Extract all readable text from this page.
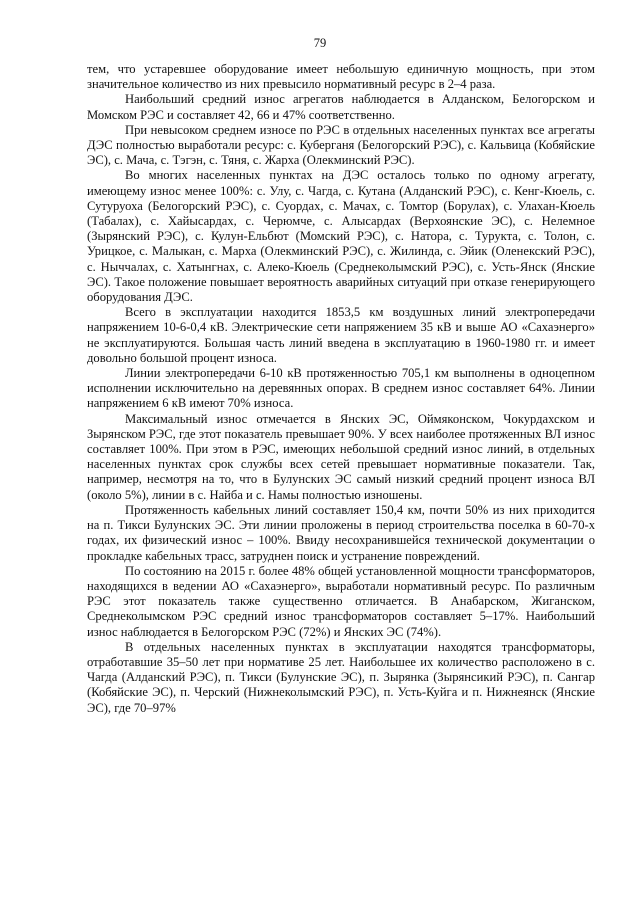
79

тем, что устаревшее оборудование имеет небольшую единичную мощность, при этом значительное количество из них превысило нормативный ресурс в 2–4 раза.

Наибольший средний износ агрегатов наблюдается в Алданском, Белогорском и Момском РЭС и составляет 42, 66 и 47% соответственно.

При невысоком среднем износе по РЭС в отдельных населенных пунктах все агрегаты ДЭС полностью выработали ресурс: с. Куберганя (Белогорский РЭС), с. Кальвица (Кобяйские ЭС), с. Мача, с. Тэгэн, с. Тяня, с. Жарха (Олекминский РЭС).

Во многих населенных пунктах на ДЭС осталось только по одному агрегату, имеющему износ менее 100%: с. Улу, с. Чагда, с. Кутана (Алданский РЭС), с. Кенг-Кюель, с. Сутуруоха (Белогорский РЭС), с. Суордах, с. Мачах, с. Томтор (Борулах), с. Улахан-Кюель (Табалах), с. Хайысардах, с. Черюмче, с. Алысардах (Верхоянские ЭС), с. Нелемное (Зырянский РЭС), с. Кулун-Ельбют (Момский РЭС), с. Натора, с. Турукта, с. Толон, с. Урицкое, с. Малыкан, с. Марха (Олекминский РЭС), с. Жилинда, с. Эйик (Оленекский РЭС), с. Ныччалах, с. Хатынгнах, с. Алеко-Кюель (Среднеколымский РЭС), с. Усть-Янск (Янские ЭС). Такое положение повышает вероятность аварийных ситуаций при отказе генерирующего оборудования ДЭС.

Всего в эксплуатации находится 1853,5 км воздушных линий электропередачи напряжением 10-6-0,4 кВ. Электрические сети напряжением 35 кВ и выше АО «Сахаэнерго» не эксплуатируются. Большая часть линий введена в эксплуатацию в 1960-1980 гг. и имеет довольно большой процент износа.

Линии электропередачи 6-10 кВ протяженностью 705,1 км выполнены в одноцепном исполнении исключительно на деревянных опорах. В среднем износ составляет 64%. Линии напряжением 6 кВ имеют 70% износа.

Максимальный износ отмечается в Янских ЭС, Оймяконском, Чокурдахском и Зырянском РЭС, где этот показатель превышает 90%. У всех наиболее протяженных ВЛ износ составляет 100%. При этом в РЭС, имеющих небольшой средний износ линий, в отдельных населенных пунктах срок службы всех сетей превышает нормативные показатели. Так, например, несмотря на то, что в Булунских ЭС самый низкий средний процент износа ВЛ (около 5%), линии в с. Найба и с. Намы полностью изношены.

Протяженность кабельных линий составляет 150,4 км, почти 50% из них приходится на п. Тикси Булунских ЭС. Эти линии проложены в период строительства поселка в 60-70-х годах, их физический износ – 100%. Ввиду несохранившейся технической документации о прокладке кабельных трасс, затруднен поиск и устранение повреждений.

По состоянию на 2015 г. более 48% общей установленной мощности трансформаторов, находящихся в ведении АО «Сахаэнерго», выработали нормативный ресурс. По различным РЭС этот показатель также существенно отличается. В Анабарском, Жиганском, Среднеколымском РЭС средний износ трансформаторов составляет 5–17%. Наибольший износ наблюдается в Белогорском РЭС (72%) и Янских ЭС (74%).

В отдельных населенных пунктах в эксплуатации находятся трансформаторы, отработавшие 35–50 лет при нормативе 25 лет. Наибольшее их количество расположено в с. Чагда (Алданский РЭС), п. Тикси (Булунские ЭС), п. Зырянка (Зырянсикий РЭС), п. Сангар (Кобяйские ЭС), п. Черский (Нижнеколымский РЭС), п. Усть-Куйга и п. Нижнеянск (Янские ЭС), где 70–97%
